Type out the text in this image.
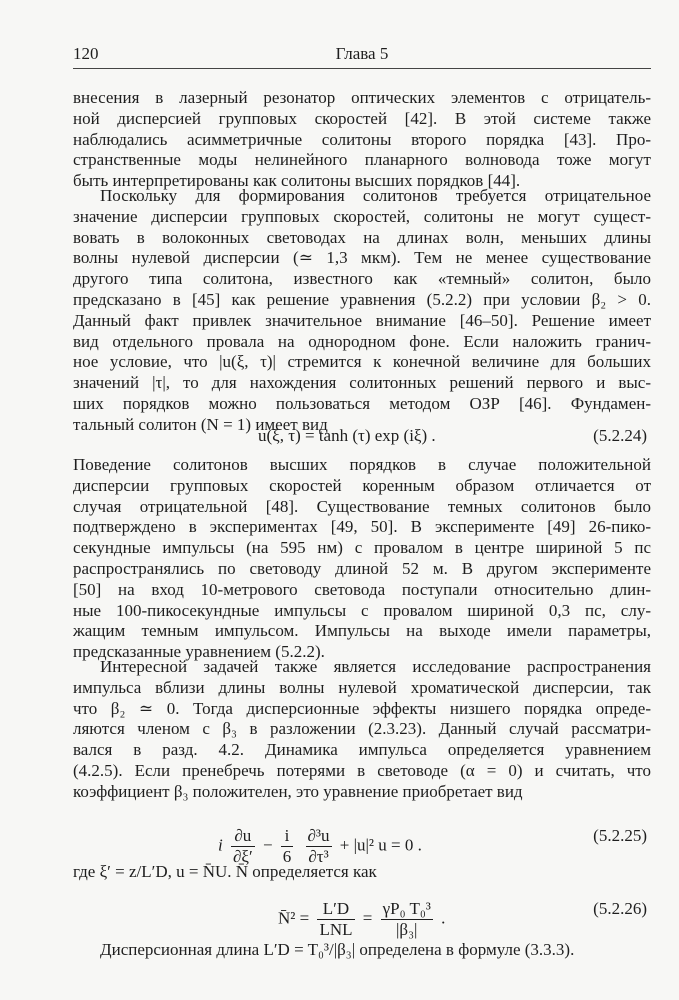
120	Глава 5
внесения в лазерный резонатор оптических элементов с отрицатель-
ной дисперсией групповых скоростей [42]. В этой системе также
наблюдались асимметричные солитоны второго порядка [43]. Про-
странственные моды нелинейного планарного волновода тоже могут
быть интерпретированы как солитоны высших порядков [44].
Поскольку для формирования солитонов требуется отрицательное
значение дисперсии групповых скоростей, солитоны не могут сущест-
вовать в волоконных световодах на длинах волн, меньших длины
волны нулевой дисперсии (≃ 1,3 мкм). Тем не менее существование
другого типа солитона, известного как «темный» солитон, было
предсказано в [45] как решение уравнения (5.2.2) при условии β₂ > 0.
Данный факт привлек значительное внимание [46–50]. Решение имеет
вид отдельного провала на однородном фоне. Если наложить гранич-
ное условие, что |u(ξ, τ)| стремится к конечной величине для больших
значений |τ|, то для нахождения солитонных решений первого и выс-
ших порядков можно пользоваться методом ОЗР [46]. Фундамен-
тальный солитон (N = 1) имеет вид
u(ξ, τ) = tanh (τ) exp (iξ) .	(5.2.24)
Поведение солитонов высших порядков в случае положительной
дисперсии групповых скоростей коренным образом отличается от
случая отрицательной [48]. Существование темных солитонов было
подтверждено в экспериментах [49, 50]. В эксперименте [49] 26-пико-
секундные импульсы (на 595 нм) с провалом в центре шириной 5 пс
распространялись по световоду длиной 52 м. В другом эксперименте
[50] на вход 10-метрового световода поступали относительно длин-
ные 100-пикосекундные импульсы с провалом шириной 0,3 пс, слу-
жащим темным импульсом. Импульсы на выходе имели параметры,
предсказанные уравнением (5.2.2).
Интересной задачей также является исследование распространения
импульса вблизи длины волны нулевой хроматической дисперсии, так
что β₂ ≃ 0. Тогда дисперсионные эффекты низшего порядка опреде-
ляются членом с β₃ в разложении (2.3.23). Данный случай рассматри-
вался в разд. 4.2. Динамика импульса определяется уравнением
(4.2.5). Если пренебречь потерями в световоде (α = 0) и считать, что
коэффициент β₃ положителен, это уравнение приобретает вид
i $\frac{\partial u}{\partial\xi'} - \frac{i}{6}$
$\frac{\text{∂³u}}{\text{∂τ³}} + |u|^2$ u = 0 .	(5.2.25)
где ξ′ = z/L′D, u = N̄U. N̄ определяется как
N̄² = $\frac{L'D}{\text{LNL}} = \frac{\text{γP₀ T₀³}}{\text{|β₃|}}$ .	(5.2.26)
Дисперсионная длина L′D = T₀³/|β₃| определена в формуле (3.3.3).
